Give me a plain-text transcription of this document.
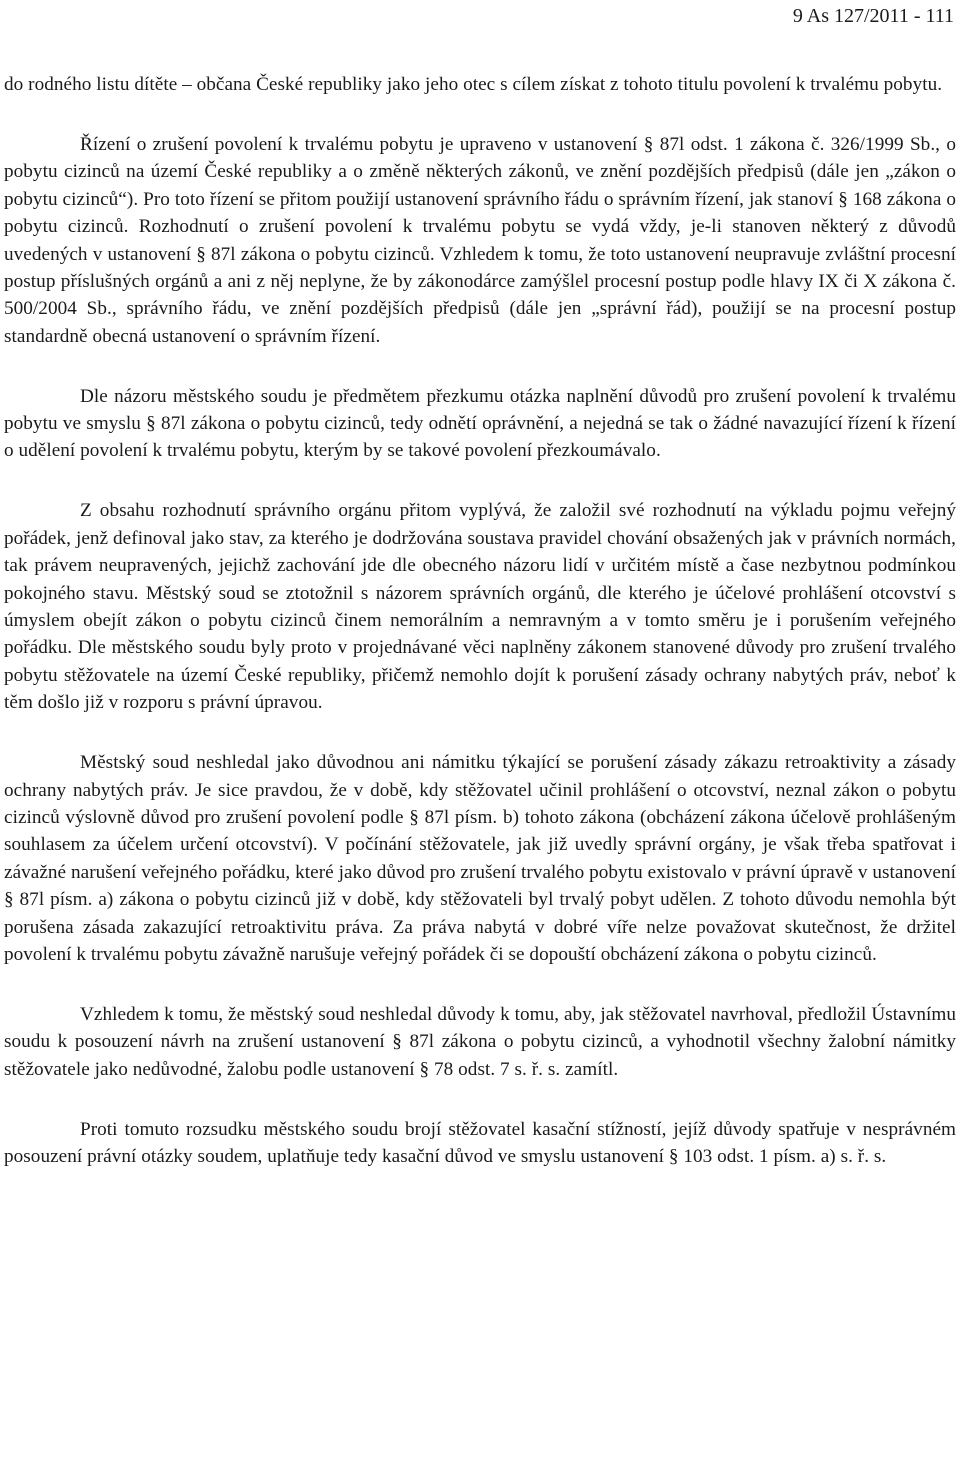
9 As 127/2011 - 111

do rodného listu dítěte – občana České republiky jako jeho otec s cílem získat z tohoto titulu povolení k trvalému pobytu.

Řízení o zrušení povolení k trvalému pobytu je upraveno v ustanovení § 87l odst. 1 zákona č. 326/1999 Sb., o pobytu cizinců na území České republiky a o změně některých zákonů, ve znění pozdějších předpisů (dále jen „zákon o pobytu cizinců“). Pro toto řízení se přitom použijí ustanovení správního řádu o správním řízení, jak stanoví § 168 zákona o pobytu cizinců. Rozhodnutí o zrušení povolení k trvalému pobytu se vydá vždy, je-li stanoven některý z důvodů uvedených v ustanovení § 87l zákona o pobytu cizinců. Vzhledem k tomu, že toto ustanovení neupravuje zvláštní procesní postup příslušných orgánů a ani z něj neplyne, že by zákonodárce zamýšlel procesní postup podle hlavy IX či X zákona č. 500/2004 Sb., správního řádu, ve znění pozdějších předpisů (dále jen „správní řád), použijí se na procesní postup standardně obecná ustanovení o správním řízení.

Dle názoru městského soudu je předmětem přezkumu otázka naplnění důvodů pro zrušení povolení k trvalému pobytu ve smyslu § 87l zákona o pobytu cizinců, tedy odnětí oprávnění, a nejedná se tak o žádné navazující řízení k řízení o udělení povolení k trvalému pobytu, kterým by se takové povolení přezkoumávalo.

Z obsahu rozhodnutí správního orgánu přitom vyplývá, že založil své rozhodnutí na výkladu pojmu veřejný pořádek, jenž definoval jako stav, za kterého je dodržována soustava pravidel chování obsažených jak v právních normách, tak právem neupravených, jejichž zachování jde dle obecného názoru lidí v určitém místě a čase nezbytnou podmínkou pokojného stavu. Městský soud se ztotožnil s názorem správních orgánů, dle kterého je účelové prohlášení otcovství s úmyslem obejít zákon o pobytu cizinců činem nemorálním a nemravným a v tomto směru je i porušením veřejného pořádku. Dle městského soudu byly proto v projednávané věci naplněny zákonem stanovené důvody pro zrušení trvalého pobytu stěžovatele na území České republiky, přičemž nemohlo dojít k porušení zásady ochrany nabytých práv, neboť k těm došlo již v rozporu s právní úpravou.

Městský soud neshledal jako důvodnou ani námitku týkající se porušení zásady zákazu retroaktivity a zásady ochrany nabytých práv. Je sice pravdou, že v době, kdy stěžovatel učinil prohlášení o otcovství, neznal zákon o pobytu cizinců výslovně důvod pro zrušení povolení podle § 87l písm. b) tohoto zákona (obcházení zákona účelově prohlášeným souhlasem za účelem určení otcovství). V počínání stěžovatele, jak již uvedly správní orgány, je však třeba spatřovat i závažné narušení veřejného pořádku, které jako důvod pro zrušení trvalého pobytu existovalo v právní úpravě v ustanovení § 87l písm. a) zákona o pobytu cizinců již v době, kdy stěžovateli byl trvalý pobyt udělen. Z tohoto důvodu nemohla být porušena zásada zakazující retroaktivitu práva. Za práva nabytá v dobré víře nelze považovat skutečnost, že držitel povolení k trvalému pobytu závažně narušuje veřejný pořádek či se dopouští obcházení zákona o pobytu cizinců.

Vzhledem k tomu, že městský soud neshledal důvody k tomu, aby, jak stěžovatel navrhoval, předložil Ústavnímu soudu k posouzení návrh na zrušení ustanovení § 87l zákona o pobytu cizinců, a vyhodnotil všechny žalobní námitky stěžovatele jako nedůvodné, žalobu podle ustanovení § 78 odst. 7 s. ř. s. zamítl.

Proti tomuto rozsudku městského soudu brojí stěžovatel kasační stížností, jejíž důvody spatřuje v nesprávném posouzení právní otázky soudem, uplatňuje tedy kasační důvod ve smyslu ustanovení § 103 odst. 1 písm. a) s. ř. s.
